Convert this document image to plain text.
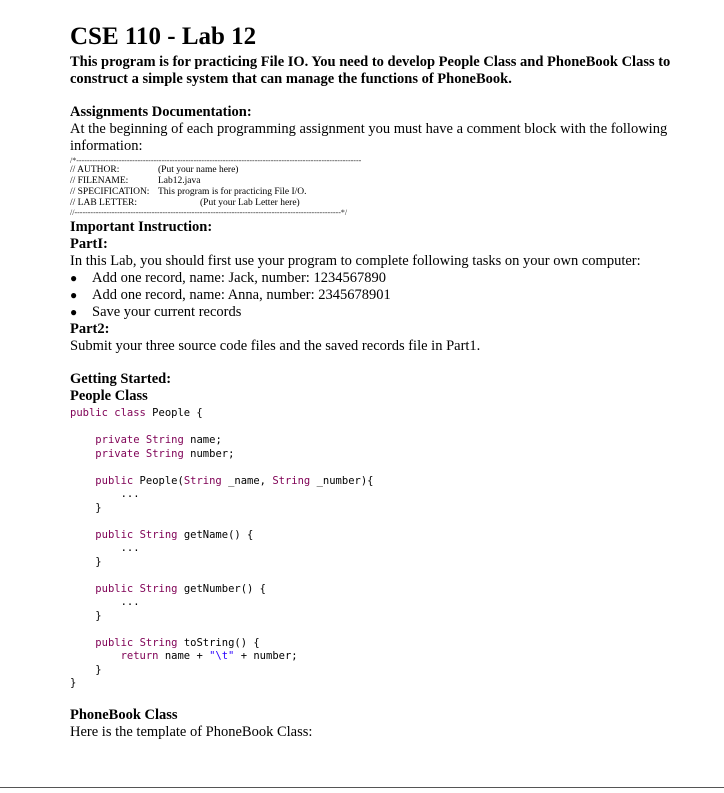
CSE 110 - Lab 12
This program is for practicing File IO. You need to develop People Class and PhoneBook Class to construct a simple system that can manage the functions of PhoneBook.
Assignments Documentation:
At the beginning of each programming assignment you must have a comment block with the following information:
/*-----------------------------------------------------------------------------------------------------------
// AUTHOR:	(Put your name here)
// FILENAME:	Lab12.java
// SPECIFICATION: This program is for practicing File I/O.
// LAB LETTER:	(Put your Lab Letter here)
//----------------------------------------------------------------------------------------------------*/
Important Instruction:
PartI:
In this Lab, you should first use your program to complete following tasks on your own computer:
●	Add one record, name: Jack, number: 1234567890
●	Add one record, name: Anna, number: 2345678901
●	Save your current records
Part2:
Submit your three source code files and the saved records file in Part1.
Getting Started:
People Class
public class People {

private String name;
private String number;

public People(String _name, String _number){
...
}

public String getName() {
...
}

public String getNumber() {
...
}

public String toString() {
return name + "\t" + number;
}
}
PhoneBook Class
Here is the template of PhoneBook Class:
